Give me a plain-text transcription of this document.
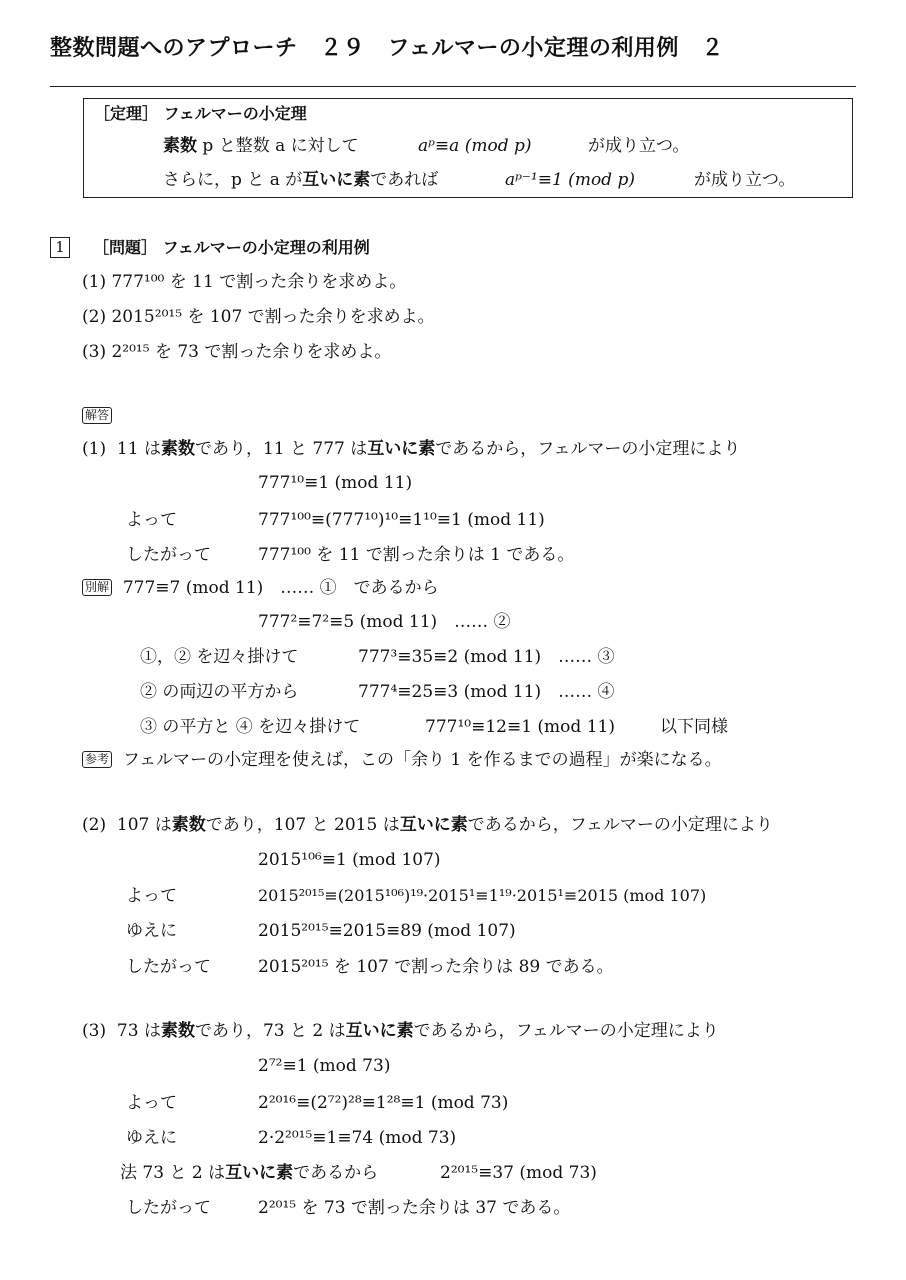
整数問題へのアプローチ　２９　フェルマーの小定理の利用例　２
［定理］ フェルマーの小定理
素数 p と整数 a に対して	aᵖ≡a (mod p)	が成り立つ。
さらに，p と a が互いに素であれば	aᵖ⁻¹≡1 (mod p)	が成り立つ。
1	［問題］ フェルマーの小定理の利用例
(1) 777¹⁰⁰ を 11 で割った余りを求めよ。
(2) 2015²⁰¹⁵ を 107 で割った余りを求めよ。
(3) 2²⁰¹⁵ を 73 で割った余りを求めよ。
解答
(1) 11 は素数であり，11 と 777 は互いに素であるから，フェルマーの小定理により
777¹⁰≡1 (mod 11)
よって	777¹⁰⁰≡(777¹⁰)¹⁰≡1¹⁰≡1 (mod 11)
したがって	777¹⁰⁰ を 11 で割った余りは 1 である。
別解 777≡7 (mod 11)　…… ①　であるから
777²≡7²≡5 (mod 11)　…… ②
①，② を辺々掛けて	777³≡35≡2 (mod 11)　…… ③
② の両辺の平方から	777⁴≡25≡3 (mod 11)　…… ④
③ の平方と ④ を辺々掛けて	777¹⁰≡12≡1 (mod 11)	以下同様
参考 フェルマーの小定理を使えば，この「余り 1 を作るまでの過程」が楽になる。
(2) 107 は素数であり，107 と 2015 は互いに素であるから，フェルマーの小定理により
2015¹⁰⁶≡1 (mod 107)
よって	2015²⁰¹⁵≡(2015¹⁰⁶)¹⁹·2015¹≡1¹⁹·2015¹≡2015 (mod 107)
ゆえに	2015²⁰¹⁵≡2015≡89 (mod 107)
したがって	2015²⁰¹⁵ を 107 で割った余りは 89 である。
(3) 73 は素数であり，73 と 2 は互いに素であるから，フェルマーの小定理により
2⁷²≡1 (mod 73)
よって	2²⁰¹⁶≡(2⁷²)²⁸≡1²⁸≡1 (mod 73)
ゆえに	2·2²⁰¹⁵≡1≡74 (mod 73)
法 73 と 2 は互いに素であるから	2²⁰¹⁵≡37 (mod 73)
したがって	2²⁰¹⁵ を 73 で割った余りは 37 である。
